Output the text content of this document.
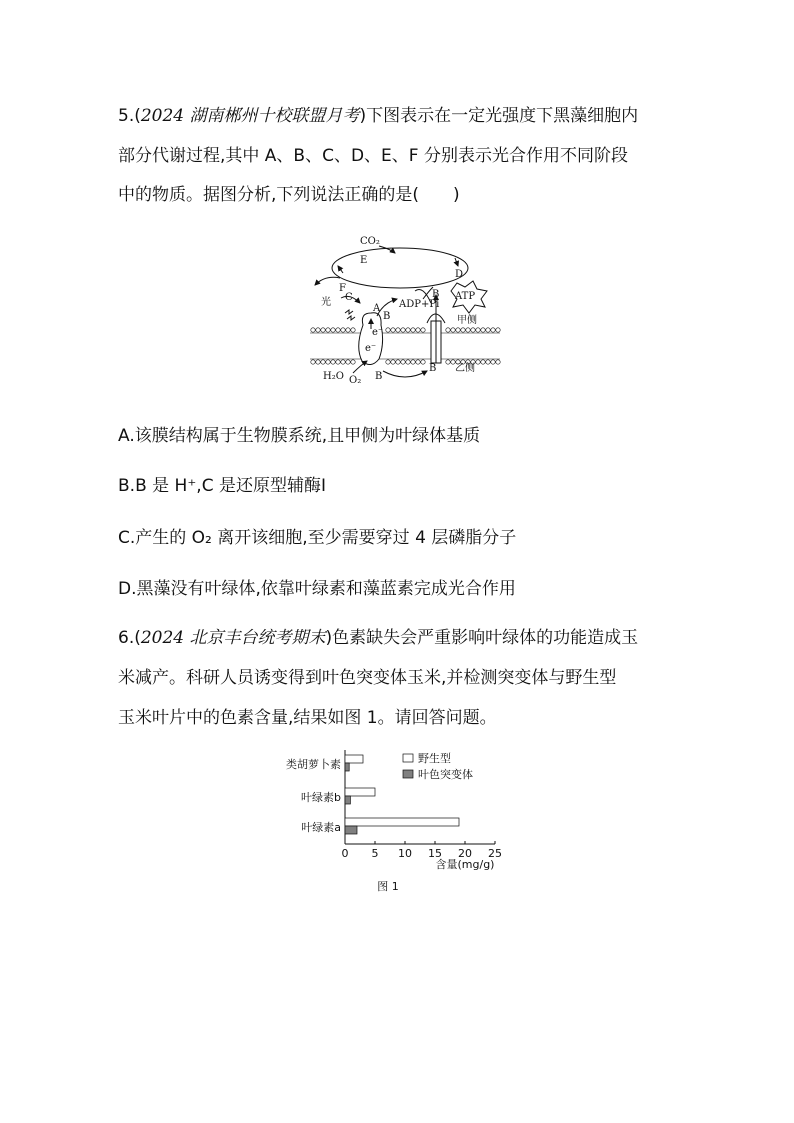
5.(2024 湖南郴州十校联盟月考)下图表示在一定光强度下黑藻细胞内
部分代谢过程,其中 A、B、C、D、E、F 分别表示光合作用不同阶段
中的物质。据图分析,下列说法正确的是(　　)
CO₂
E
D
F
C
A
B
ADP+Pi
ATP
甲侧
光
e⁻
e⁻
B
B
H₂O O₂ B
乙侧
A.该膜结构属于生物膜系统,且甲侧为叶绿体基质
B.B 是 H⁺,C 是还原型辅酶Ⅰ
C.产生的 O₂ 离开该细胞,至少需要穿过 4 层磷脂分子
D.黑藻没有叶绿体,依靠叶绿素和藻蓝素完成光合作用
6.(2024 北京丰台统考期末)色素缺失会严重影响叶绿体的功能造成玉
米减产。科研人员诱变得到叶色突变体玉米,并检测突变体与野生型
玉米叶片中的色素含量,结果如图 1。请回答问题。
图 1
0 5 10 15 20 25
含量(mg/g)
类胡萝卜素
叶绿素b
叶绿素a
野生型
叶色突变体
